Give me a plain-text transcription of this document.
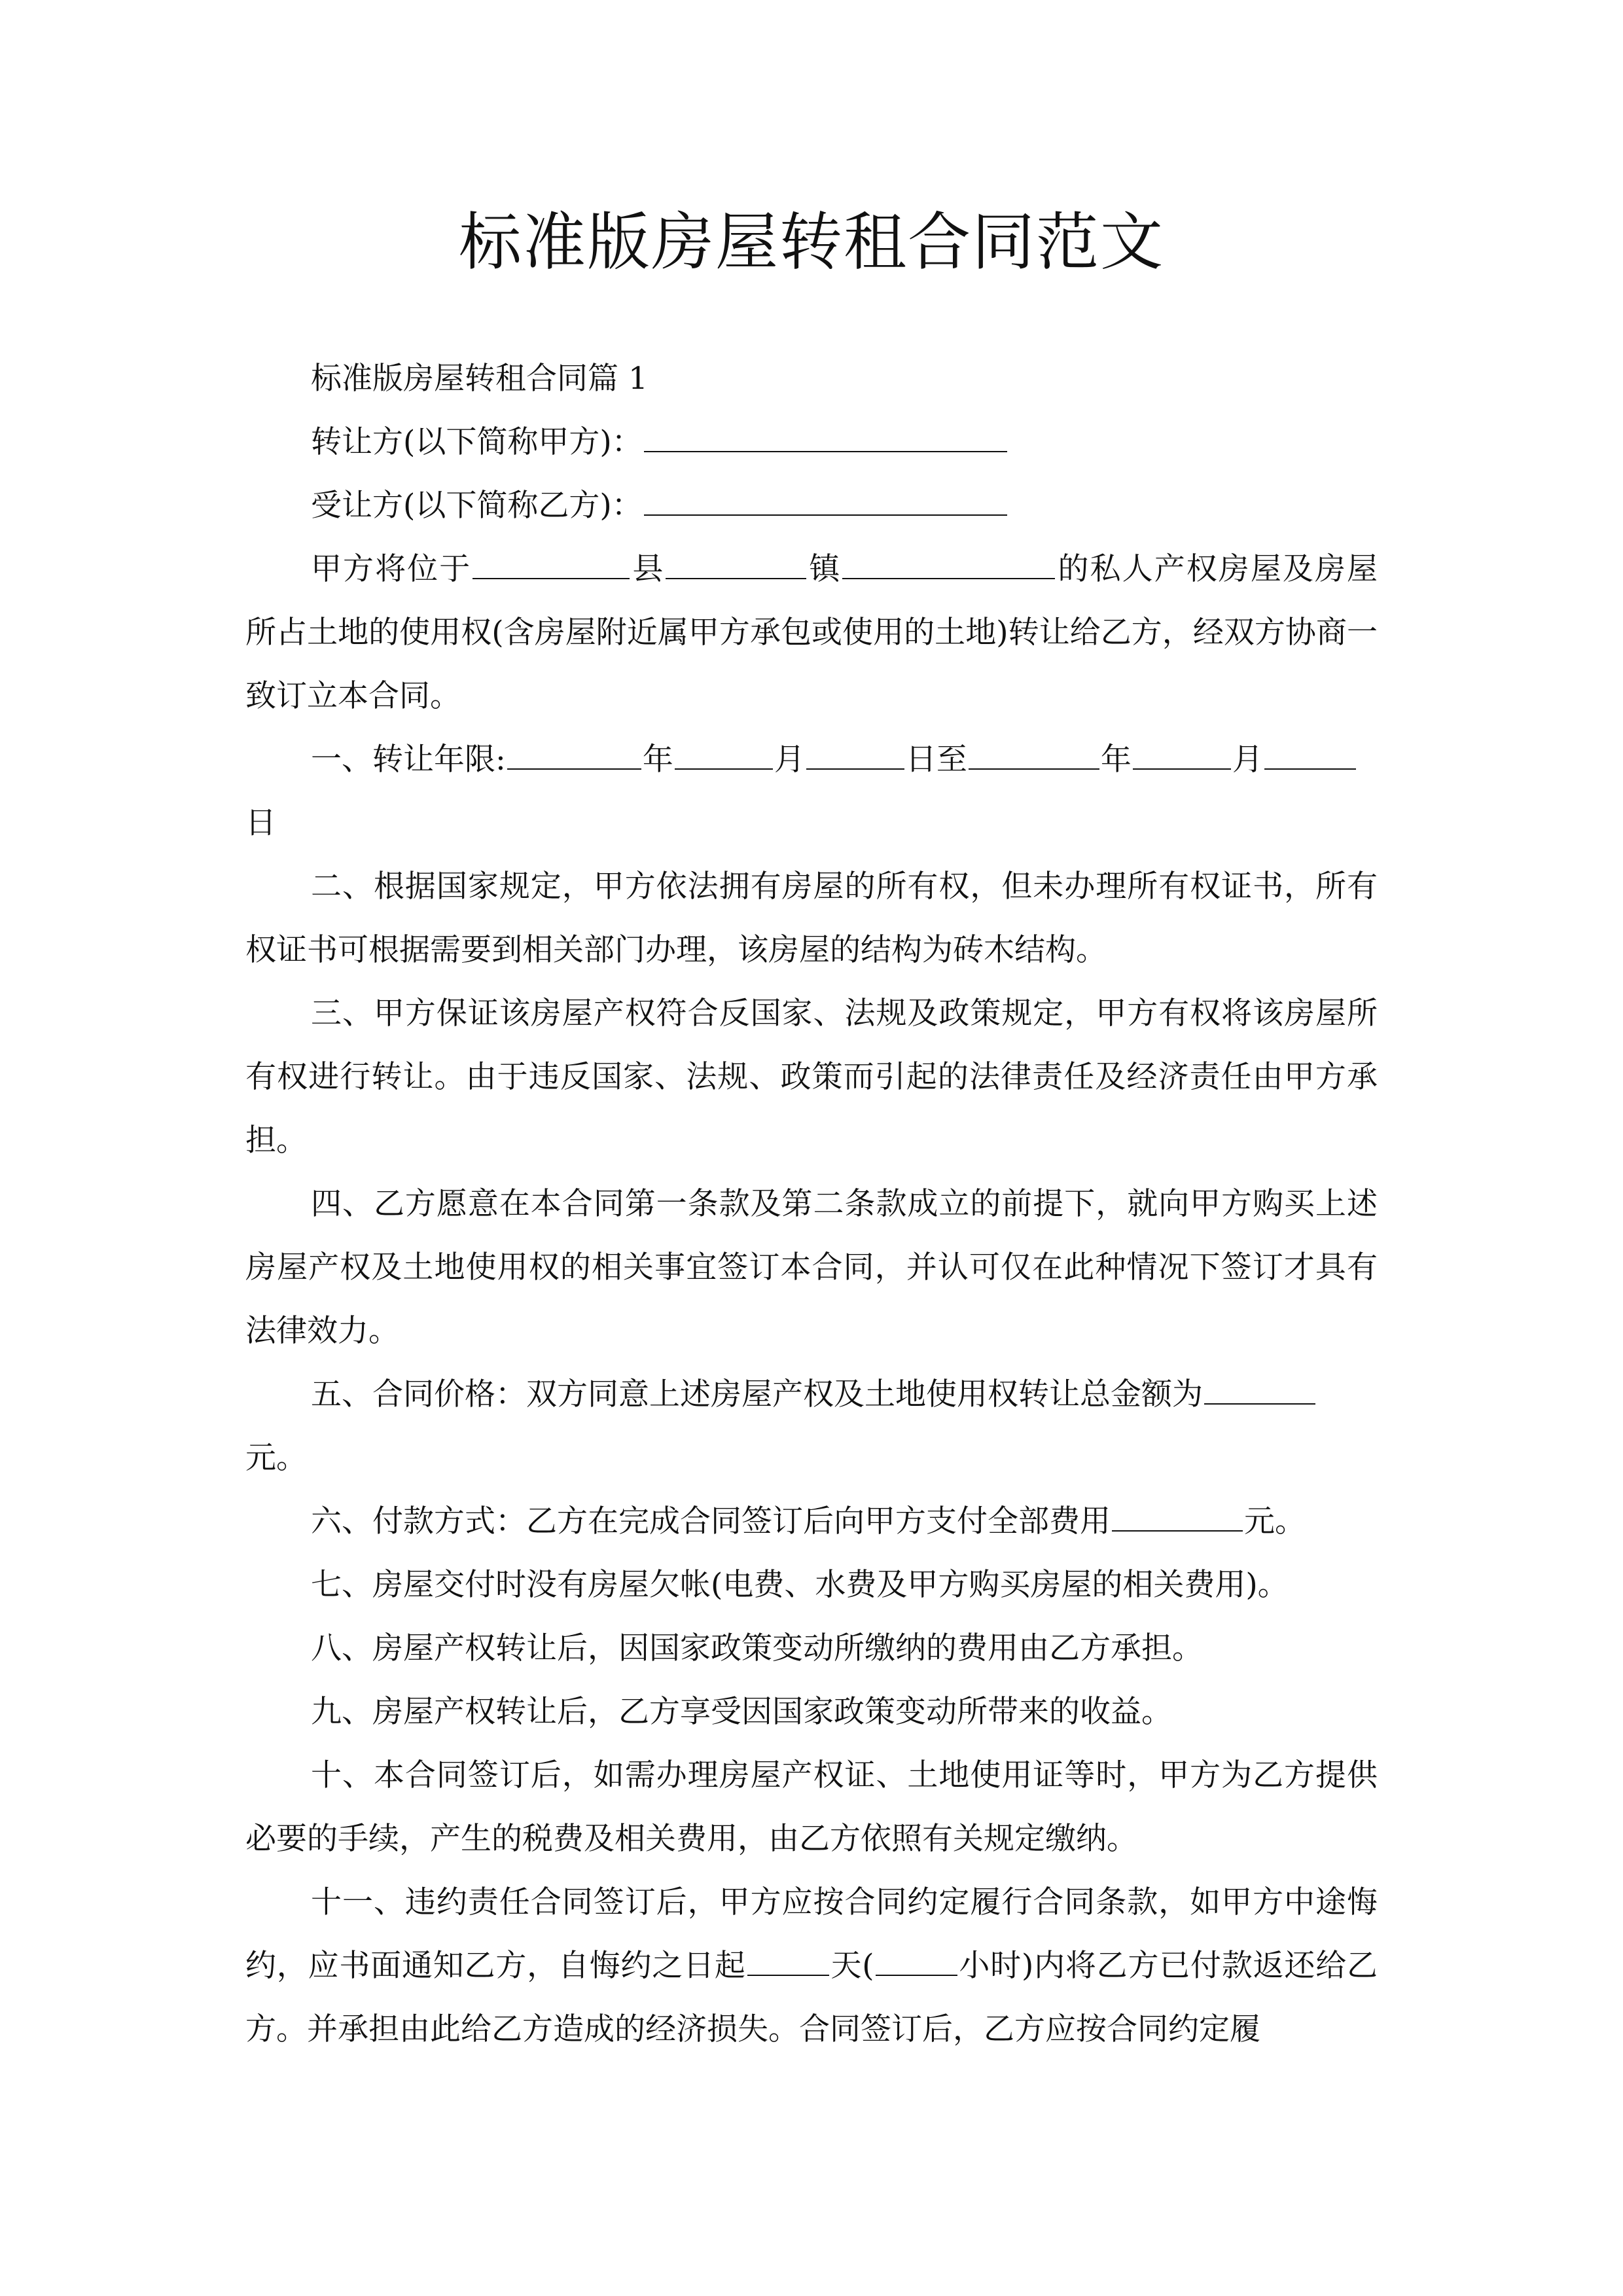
标准版房屋转租合同范文

标准版房屋转租合同篇 1

转让方(以下简称甲方)：

受让方(以下简称乙方)：

甲方将位于	县	镇	的私人产权房屋及房屋所占土地的使用权(含房屋附近属甲方承包或使用的土地)转让给乙方，经双方协商一致订立本合同。

一、转让年限:	年	月	日至	年	月
日

二、根据国家规定，甲方依法拥有房屋的所有权，但未办理所有权证书，所有权证书可根据需要到相关部门办理，该房屋的结构为砖木结构。

三、甲方保证该房屋产权符合反国家、法规及政策规定，甲方有权将该房屋所有权进行转让。由于违反国家、法规、政策而引起的法律责任及经济责任由甲方承担。

四、乙方愿意在本合同第一条款及第二条款成立的前提下，就向甲方购买上述房屋产权及土地使用权的相关事宜签订本合同，并认可仅在此种情况下签订才具有法律效力。

五、合同价格：双方同意上述房屋产权及土地使用权转让总金额为
元。

六、付款方式：乙方在完成合同签订后向甲方支付全部费用	元。

七、房屋交付时没有房屋欠帐(电费、水费及甲方购买房屋的相关费用)。

八、房屋产权转让后，因国家政策变动所缴纳的费用由乙方承担。

九、房屋产权转让后，乙方享受因国家政策变动所带来的收益。

十、本合同签订后，如需办理房屋产权证、土地使用证等时，甲方为乙方提供必要的手续，产生的税费及相关费用，由乙方依照有关规定缴纳。

十一、违约责任合同签订后，甲方应按合同约定履行合同条款，如甲方中途悔约，应书面通知乙方，自悔约之日起	天(	小时)内将乙方已付款返还给乙方。并承担由此给乙方造成的经济损失。合同签订后，乙方应按合同约定履
